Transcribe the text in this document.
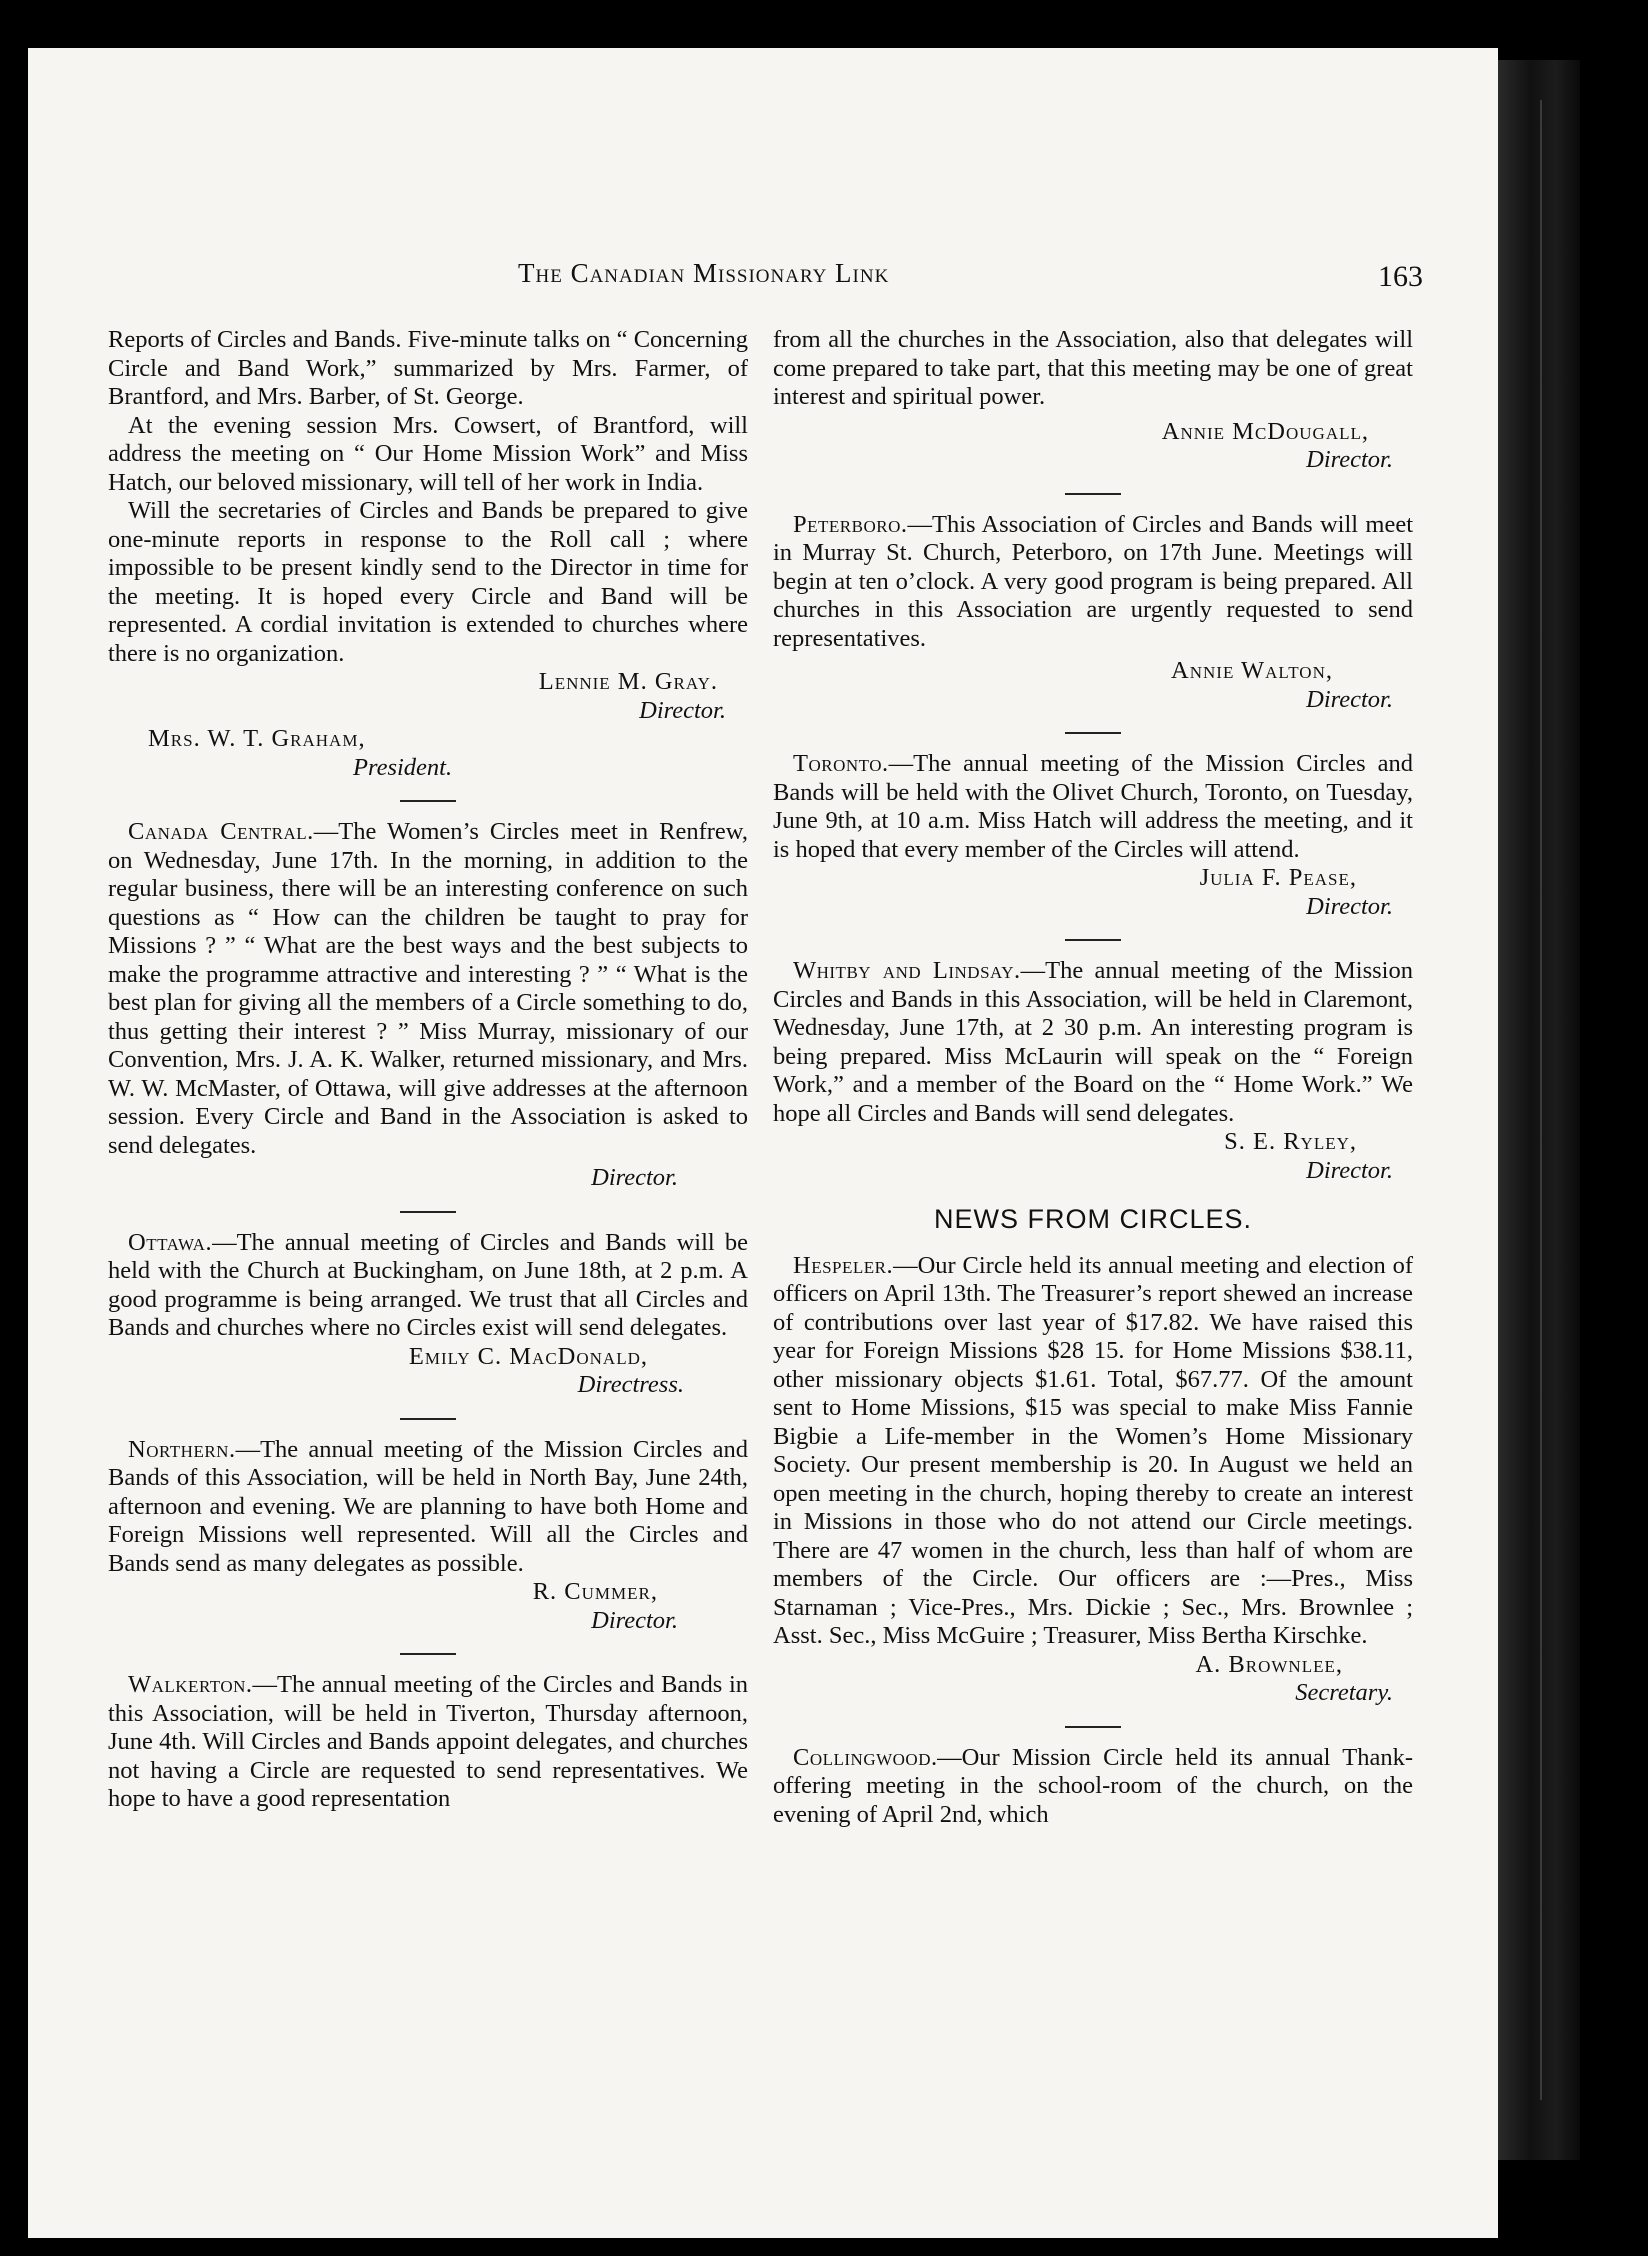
The Canadian Missionary Link	163

Reports of Circles and Bands. Five-minute talks on “ Concerning Circle and Band Work,” summarized by Mrs. Farmer, of Brantford, and Mrs. Barber, of St. George.

At the evening session Mrs. Cowsert, of Brantford, will address the meeting on “ Our Home Mission Work” and Miss Hatch, our beloved missionary, will tell of her work in India.

Will the secretaries of Circles and Bands be prepared to give one-minute reports in response to the Roll call ; where impossible to be present kindly send to the Director in time for the meeting. It is hoped every Circle and Band will be represented. A cordial invitation is extended to churches where there is no organization.

Lennie M. Gray.
Director.
Mrs. W. T. Graham,
President.

Canada Central.—The Women’s Circles meet in Renfrew, on Wednesday, June 17th. In the morning, in addition to the regular business, there will be an interesting conference on such questions as “ How can the children be taught to pray for Missions ? ” “ What are the best ways and the best subjects to make the programme attractive and interesting ? ” “ What is the best plan for giving all the members of a Circle something to do, thus getting their interest ? ” Miss Murray, missionary of our Convention, Mrs. J. A. K. Walker, returned missionary, and Mrs. W. W. McMaster, of Ottawa, will give addresses at the afternoon session. Every Circle and Band in the Association is asked to send delegates.

Director.

Ottawa.—The annual meeting of Circles and Bands will be held with the Church at Buckingham, on June 18th, at 2 p.m. A good programme is being arranged. We trust that all Circles and Bands and churches where no Circles exist will send delegates.

Emily C. MacDonald,
Directress.

Northern.—The annual meeting of the Mission Circles and Bands of this Association, will be held in North Bay, June 24th, afternoon and evening. We are planning to have both Home and Foreign Missions well represented. Will all the Circles and Bands send as many delegates as possible.

R. Cummer,
Director.

Walkerton.—The annual meeting of the Circles and Bands in this Association, will be held in Tiverton, Thursday afternoon, June 4th. Will Circles and Bands appoint delegates, and churches not having a Circle are requested to send representatives. We hope to have a good representation

from all the churches in the Association, also that delegates will come prepared to take part, that this meeting may be one of great interest and spiritual power.

Annie McDougall,
Director.

Peterboro.—This Association of Circles and Bands will meet in Murray St. Church, Peterboro, on 17th June. Meetings will begin at ten o’clock. A very good program is being prepared. All churches in this Association are urgently requested to send representatives.

Annie Walton,
Director.

Toronto.—The annual meeting of the Mission Circles and Bands will be held with the Olivet Church, Toronto, on Tuesday, June 9th, at 10 a.m. Miss Hatch will address the meeting, and it is hoped that every member of the Circles will attend.

Julia F. Pease,
Director.

Whitby and Lindsay.—The annual meeting of the Mission Circles and Bands in this Association, will be held in Claremont, Wednesday, June 17th, at 2 30 p.m. An interesting program is being prepared. Miss McLaurin will speak on the “ Foreign Work,” and a member of the Board on the “ Home Work.” We hope all Circles and Bands will send delegates.

S. E. Ryley,
Director.
NEWS FROM CIRCLES.

Hespeler.—Our Circle held its annual meeting and election of officers on April 13th. The Treasurer’s report shewed an increase of contributions over last year of $17.82. We have raised this year for Foreign Missions $28 15. for Home Missions $38.11, other missionary objects $1.61. Total, $67.77. Of the amount sent to Home Missions, $15 was special to make Miss Fannie Bigbie a Life-member in the Women’s Home Missionary Society. Our present membership is 20. In August we held an open meeting in the church, hoping thereby to create an interest in Missions in those who do not attend our Circle meetings. There are 47 women in the church, less than half of whom are members of the Circle. Our officers are :—Pres., Miss Starnaman ; Vice-Pres., Mrs. Dickie ; Sec., Mrs. Brownlee ; Asst. Sec., Miss McGuire ; Treasurer, Miss Bertha Kirschke.

A. Brownlee,
Secretary.

Collingwood.—Our Mission Circle held its annual Thank-offering meeting in the school-room of the church, on the evening of April 2nd, which
